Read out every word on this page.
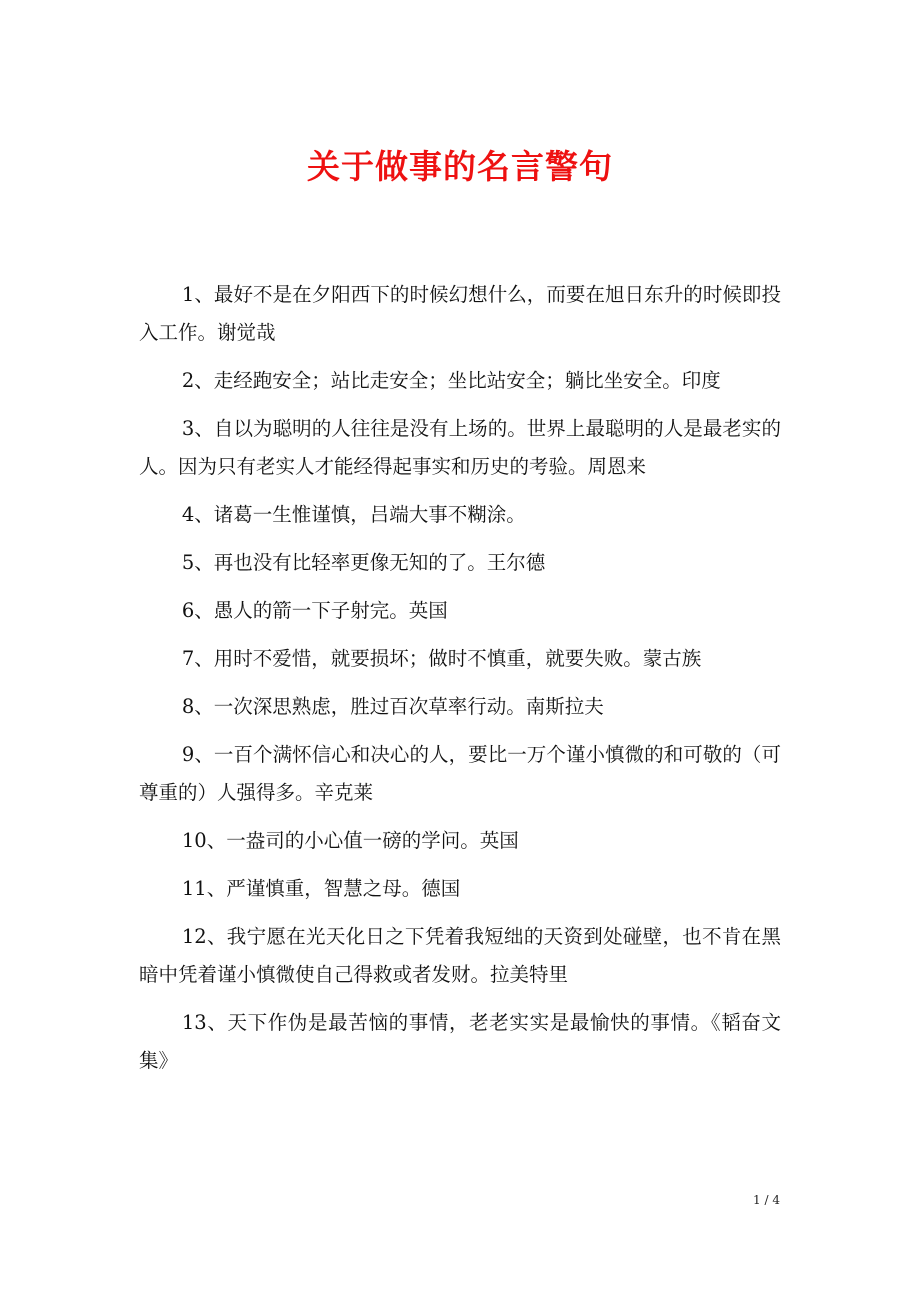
关于做事的名言警句

1、最好不是在夕阳西下的时候幻想什么，而要在旭日东升的时候即投入工作。谢觉哉

2、走经跑安全；站比走安全；坐比站安全；躺比坐安全。印度

3、自以为聪明的人往往是没有上场的。世界上最聪明的人是最老实的人。因为只有老实人才能经得起事实和历史的考验。周恩来

4、诸葛一生惟谨慎，吕端大事不糊涂。

5、再也没有比轻率更像无知的了。王尔德

6、愚人的箭一下子射完。英国

7、用时不爱惜，就要损坏；做时不慎重，就要失败。蒙古族

8、一次深思熟虑，胜过百次草率行动。南斯拉夫

9、一百个满怀信心和决心的人，要比一万个谨小慎微的和可敬的（可尊重的）人强得多。辛克莱

10、一盎司的小心值一磅的学问。英国

11、严谨慎重，智慧之母。德国

12、我宁愿在光天化日之下凭着我短绌的天资到处碰壁，也不肯在黑暗中凭着谨小慎微使自己得救或者发财。拉美特里

13、天下作伪是最苦恼的事情，老老实实是最愉快的事情。《韬奋文集》

1 / 4
